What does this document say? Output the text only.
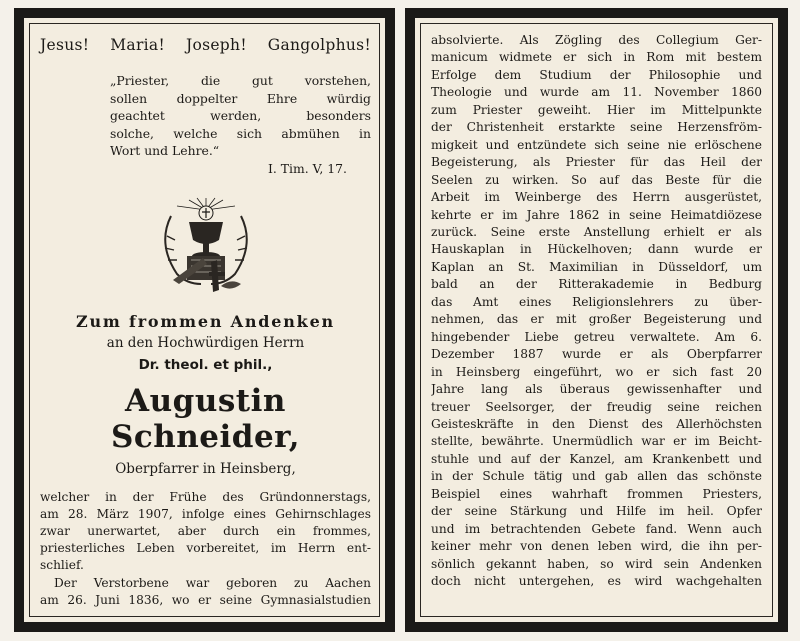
Jesus! Maria! Joseph! Gangolphus!
„Priester, die gut vorstehen,
sollen doppelter Ehre würdig
geachtet werden, besonders
solche, welche sich abmühen in
Wort und Lehre.“
I. Tim. V, 17.
Zum frommen Andenken
an den Hochwürdigen Herrn
Dr. theol. et phil.,
Augustin Schneider,
Oberpfarrer in Heinsberg,
welcher in der Frühe des Gründonnerstags,
am 28. März 1907, infolge eines Gehirnschlages
zwar unerwartet, aber durch ein frommes,
priesterliches Leben vorbereitet, im Herrn ent-
schlief.
Der Verstorbene war geboren zu Aachen
am 26. Juni 1836, wo er seine Gymnasialstudien
absolvierte. Als Zögling des Collegium Ger-
manicum widmete er sich in Rom mit bestem
Erfolge dem Studium der Philosophie und
Theologie und wurde am 11. November 1860
zum Priester geweiht. Hier im Mittelpunkte
der Christenheit erstarkte seine Herzensfröm-
migkeit und entzündete sich seine nie erlöschene
Begeisterung, als Priester für das Heil der
Seelen zu wirken. So auf das Beste für die
Arbeit im Weinberge des Herrn ausgerüstet,
kehrte er im Jahre 1862 in seine Heimatdiözese
zurück. Seine erste Anstellung erhielt er als
Hauskaplan in Hückelhoven; dann wurde er
Kaplan an St. Maximilian in Düsseldorf, um
bald an der Ritterakademie in Bedburg
das Amt eines Religionslehrers zu über-
nehmen, das er mit großer Begeisterung und
hingebender Liebe getreu verwaltete. Am 6.
Dezember 1887 wurde er als Oberpfarrer
in Heinsberg eingeführt, wo er sich fast 20
Jahre lang als überaus gewissenhafter und
treuer Seelsorger, der freudig seine reichen
Geisteskräfte in den Dienst des Allerhöchsten
stellte, bewährte. Unermüdlich war er im Beicht-
stuhle und auf der Kanzel, am Krankenbett und
in der Schule tätig und gab allen das schönste
Beispiel eines wahrhaft frommen Priesters,
der seine Stärkung und Hilfe im heil. Opfer
und im betrachtenden Gebete fand. Wenn auch
keiner mehr von denen leben wird, die ihn per-
sönlich gekannt haben, so wird sein Andenken
doch nicht untergehen, es wird wachgehalten
